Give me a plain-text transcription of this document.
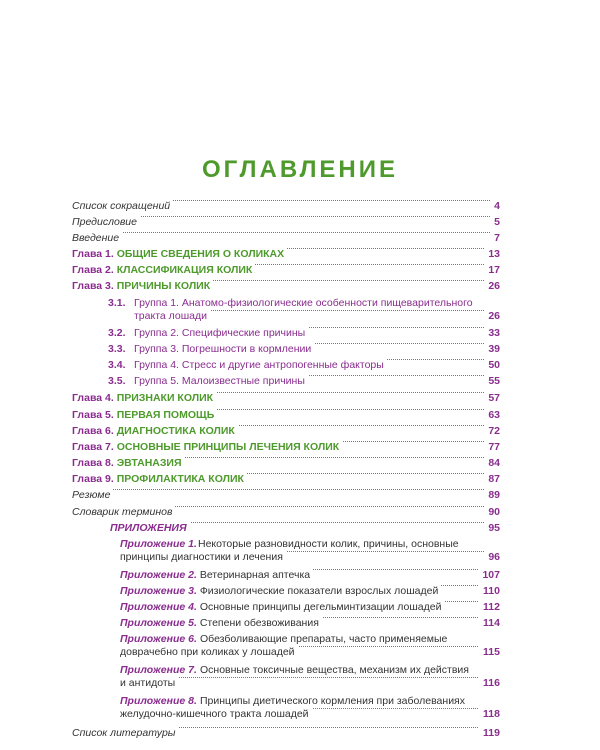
ОГЛАВЛЕНИЕ
Список сокращений	4
Предисловие	5
Введение	7
Глава 1. ОБЩИЕ СВЕДЕНИЯ О КОЛИКАХ	13
Глава 2. КЛАССИФИКАЦИЯ КОЛИК	17
Глава 3. ПРИЧИНЫ КОЛИК	26
3.1. Группа 1. Анатомо-физиологические особенности пищеварительного
тракта лошади	26
3.2. Группа 2. Специфические причины	33
3.3. Группа 3. Погрешности в кормлении	39
3.4. Группа 4. Стресс и другие антропогенные факторы	50
3.5. Группа 5. Малоизвестные причины	55
Глава 4. ПРИЗНАКИ КОЛИК	57
Глава 5. ПЕРВАЯ ПОМОЩЬ	63
Глава 6. ДИАГНОСТИКА КОЛИК	72
Глава 7. ОСНОВНЫЕ ПРИНЦИПЫ ЛЕЧЕНИЯ КОЛИК	77
Глава 8. ЭВТАНАЗИЯ	84
Глава 9. ПРОФИЛАКТИКА КОЛИК	87
Резюме	89
Словарик терминов	90
ПРИЛОЖЕНИЯ	95
Приложение 1. Некоторые разновидности колик, причины, основные
принципы диагностики и лечения	96
Приложение 2. Ветеринарная аптечка	107
Приложение 3. Физиологические показатели взрослых лошадей	110
Приложение 4. Основные принципы дегельминтизации лошадей	112
Приложение 5. Степени обезвоживания	114
Приложение 6. Обезболивающие препараты, часто применяемые
доврачебно при коликах у лошадей	115
Приложение 7. Основные токсичные вещества, механизм их действия
и антидоты	116
Приложение 8. Принципы диетического кормления при заболеваниях
желудочно-кишечного тракта лошадей	118
Список литературы	119
